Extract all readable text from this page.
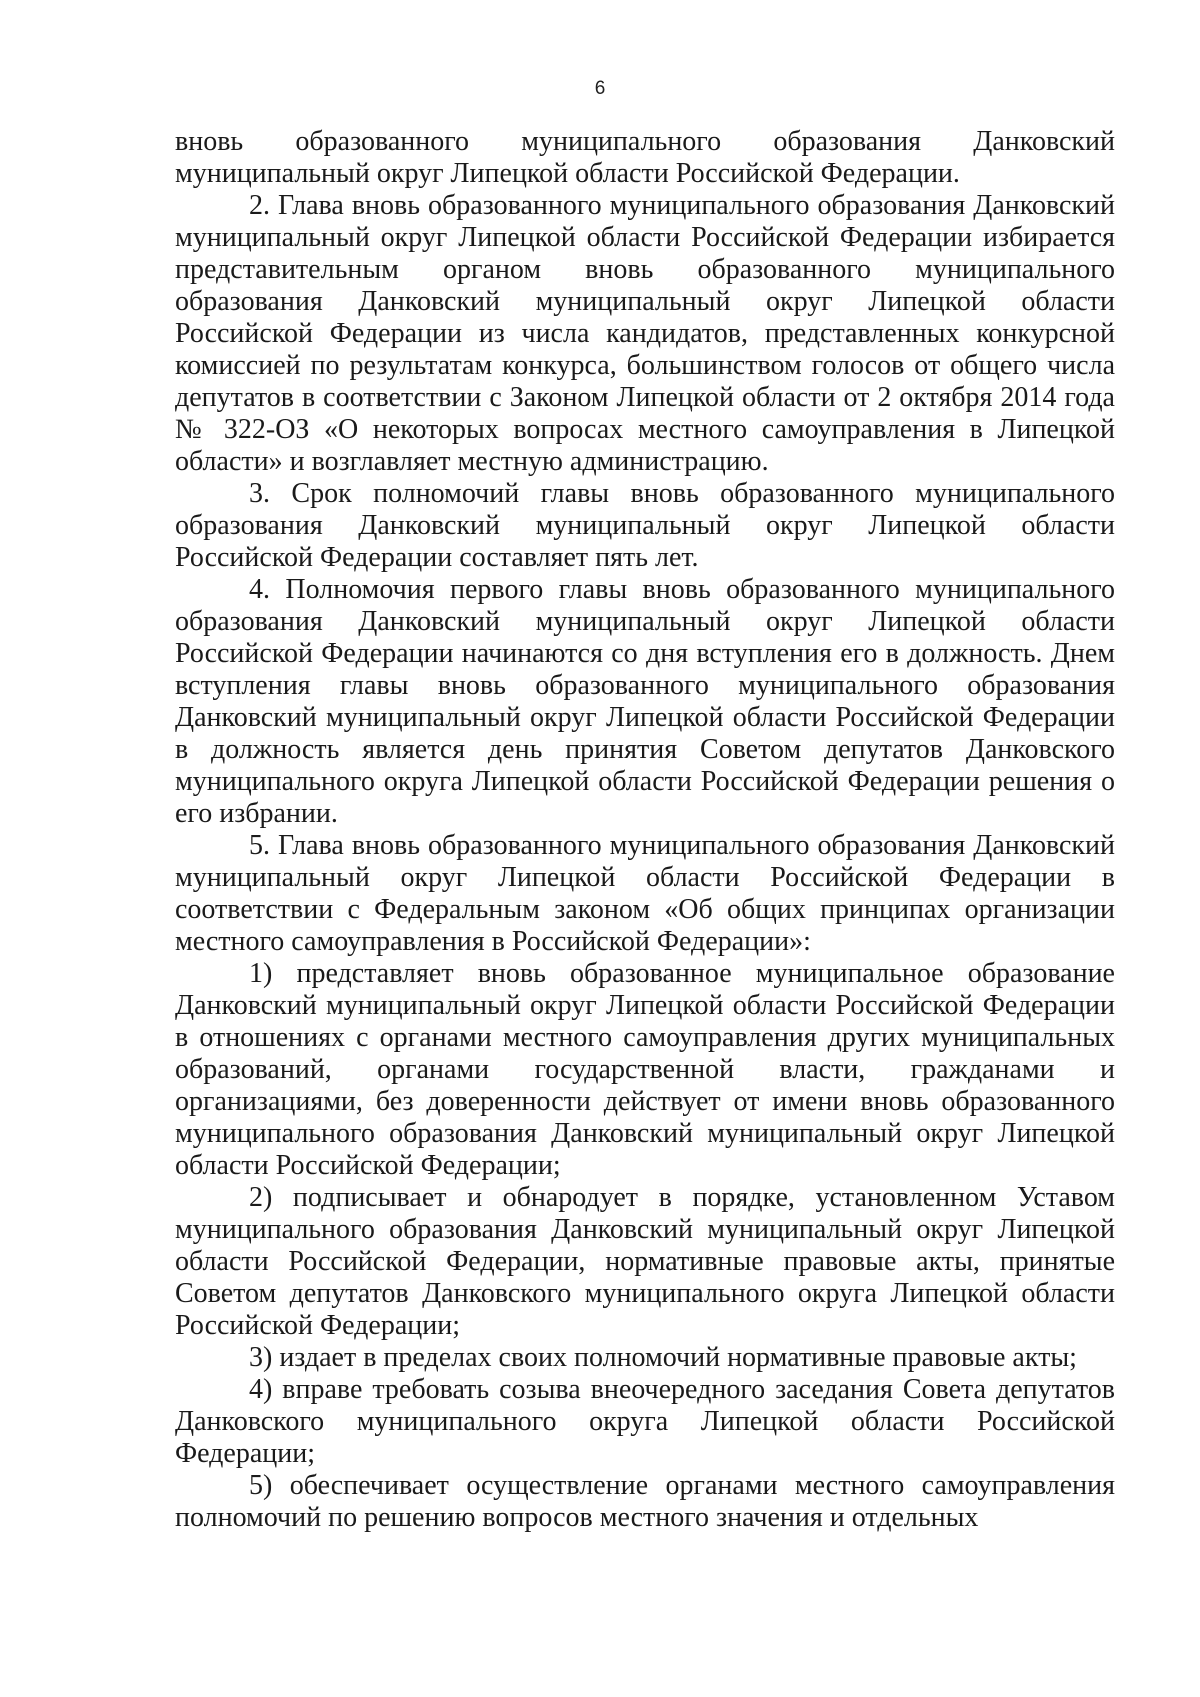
6

вновь образованного муниципального образования Данковский муниципальный округ Липецкой области Российской Федерации.

2. Глава вновь образованного муниципального образования Данковский муниципальный округ Липецкой области Российской Федерации избирается представительным органом вновь образованного муниципального образования Данковский муниципальный округ Липецкой области Российской Федерации из числа кандидатов, представленных конкурсной комиссией по результатам конкурса, большинством голосов от общего числа депутатов в соответствии с Законом Липецкой области от 2 октября 2014 года № 322-ОЗ «О некоторых вопросах местного самоуправления в Липецкой области» и возглавляет местную администрацию.

3. Срок полномочий главы вновь образованного муниципального образования Данковский муниципальный округ Липецкой области Российской Федерации составляет пять лет.

4. Полномочия первого главы вновь образованного муниципального образования Данковский муниципальный округ Липецкой области Российской Федерации начинаются со дня вступления его в должность. Днем вступления главы вновь образованного муниципального образования Данковский муниципальный округ Липецкой области Российской Федерации в должность является день принятия Советом депутатов Данковского муниципального округа Липецкой области Российской Федерации решения о его избрании.

5. Глава вновь образованного муниципального образования Данковский муниципальный округ Липецкой области Российской Федерации в соответствии с Федеральным законом «Об общих принципах организации местного самоуправления в Российской Федерации»:

1) представляет вновь образованное муниципальное образование Данковский муниципальный округ Липецкой области Российской Федерации в отношениях с органами местного самоуправления других муниципальных образований, органами государственной власти, гражданами и организациями, без доверенности действует от имени вновь образованного муниципального образования Данковский муниципальный округ Липецкой области Российской Федерации;

2) подписывает и обнародует в порядке, установленном Уставом муниципального образования Данковский муниципальный округ Липецкой области Российской Федерации, нормативные правовые акты, принятые Советом депутатов Данковского муниципального округа Липецкой области Российской Федерации;

3) издает в пределах своих полномочий нормативные правовые акты;

4) вправе требовать созыва внеочередного заседания Совета депутатов Данковского муниципального округа Липецкой области Российской Федерации;

5) обеспечивает осуществление органами местного самоуправления полномочий по решению вопросов местного значения и отдельных
